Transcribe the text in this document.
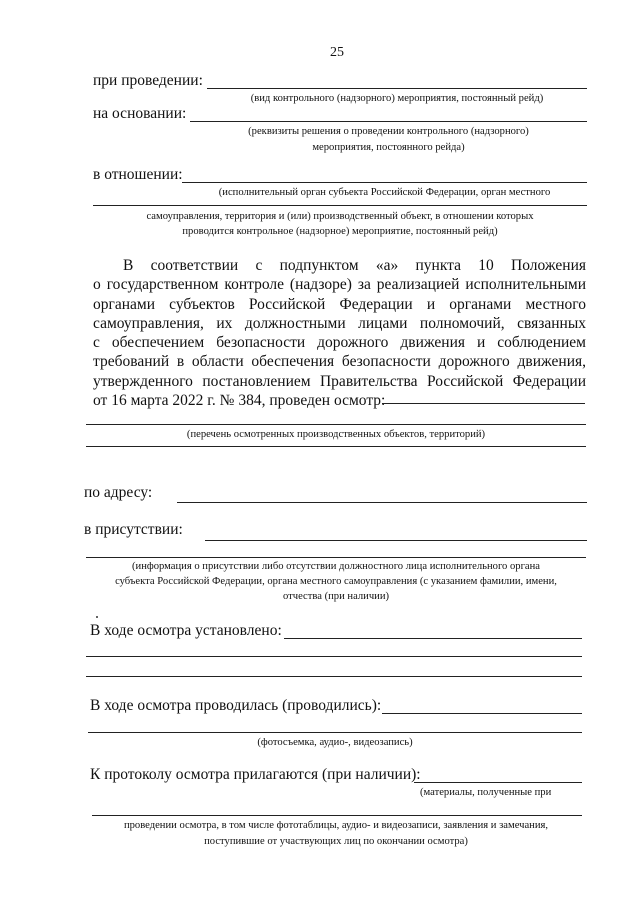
25
при проведении:
(вид контрольного (надзорного) мероприятия, постоянный рейд)
на основании:
(реквизиты решения о проведении контрольного (надзорного)
мероприятия, постоянного рейда)
в отношении:
(исполнительный орган субъекта Российской Федерации, орган местного
самоуправления, территория и (или) производственный объект, в отношении которых
проводится контрольное (надзорное) мероприятие, постоянный рейд)
В соответствии с подпунктом «а» пункта 10 Положения
о государственном контроле (надзоре) за реализацией исполнительными
органами субъектов Российской Федерации и органами местного
самоуправления, их должностными лицами полномочий, связанных
с обеспечением безопасности дорожного движения и соблюдением
требований в области обеспечения безопасности дорожного движения,
утвержденного постановлением Правительства Российской Федерации
от 16 марта 2022 г. № 384, проведен осмотр:
(перечень осмотренных производственных объектов, территорий)
по адресу:
в присутствии:
(информация о присутствии либо отсутствии должностного лица исполнительного органа
субъекта Российской Федерации, органа местного самоуправления (с указанием фамилии, имени,
отчества (при наличии)
В ходе осмотра установлено:
В ходе осмотра проводилась (проводились):
(фотосъемка, аудио-, видеозапись)
К протоколу осмотра прилагаются (при наличии):
(материалы, полученные при
проведении осмотра, в том числе фототаблицы, аудио- и видеозаписи, заявления и замечания,
поступившие от участвующих лиц по окончании осмотра)
